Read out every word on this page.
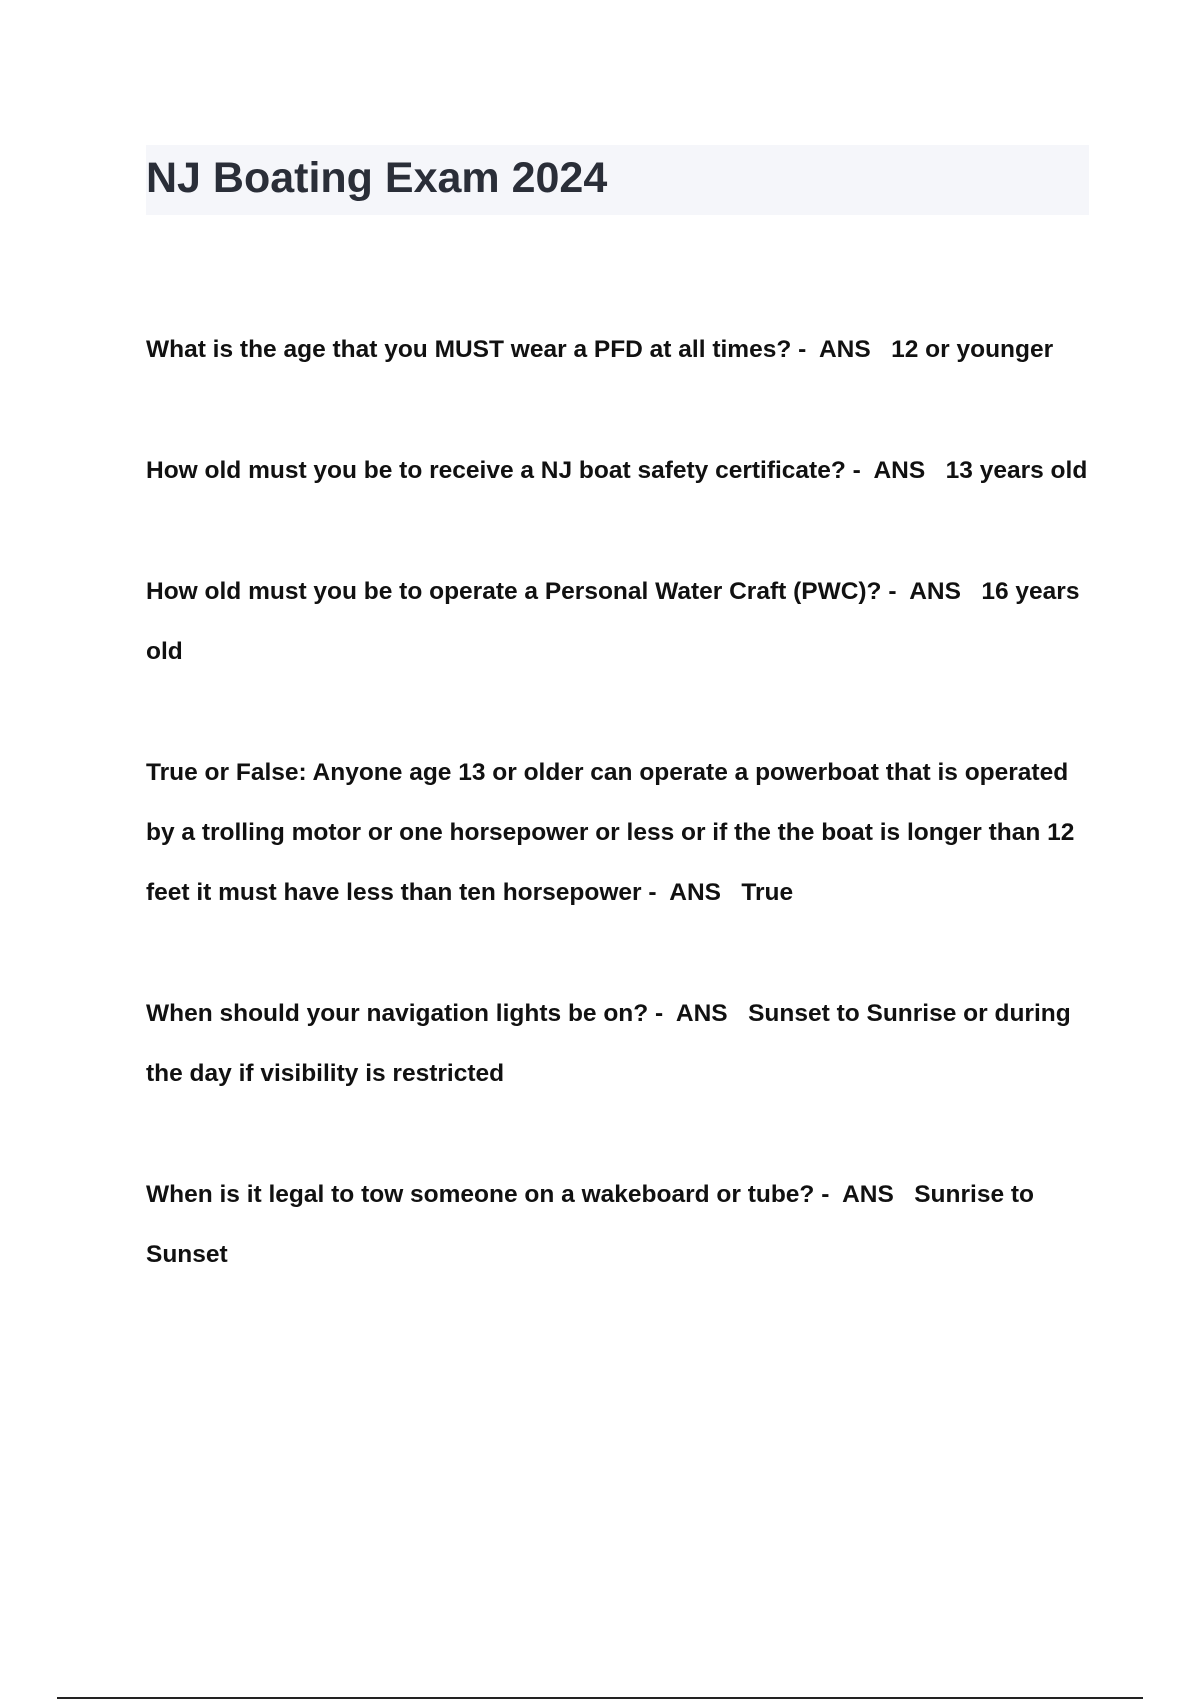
NJ Boating Exam 2024

What is the age that you MUST wear a PFD at all times? -  ANS 12 or younger

How old must you be to receive a NJ boat safety certificate? -  ANS 13 years old

How old must you be to operate a Personal Water Craft (PWC)? -  ANS 16 years old

True or False: Anyone age 13 or older can operate a powerboat that is operated by a trolling motor or one horsepower or less or if the the boat is longer than 12 feet it must have less than ten horsepower -  ANS True

When should your navigation lights be on? -  ANS Sunset to Sunrise or during the day if visibility is restricted

When is it legal to tow someone on a wakeboard or tube? -  ANS Sunrise to Sunset
